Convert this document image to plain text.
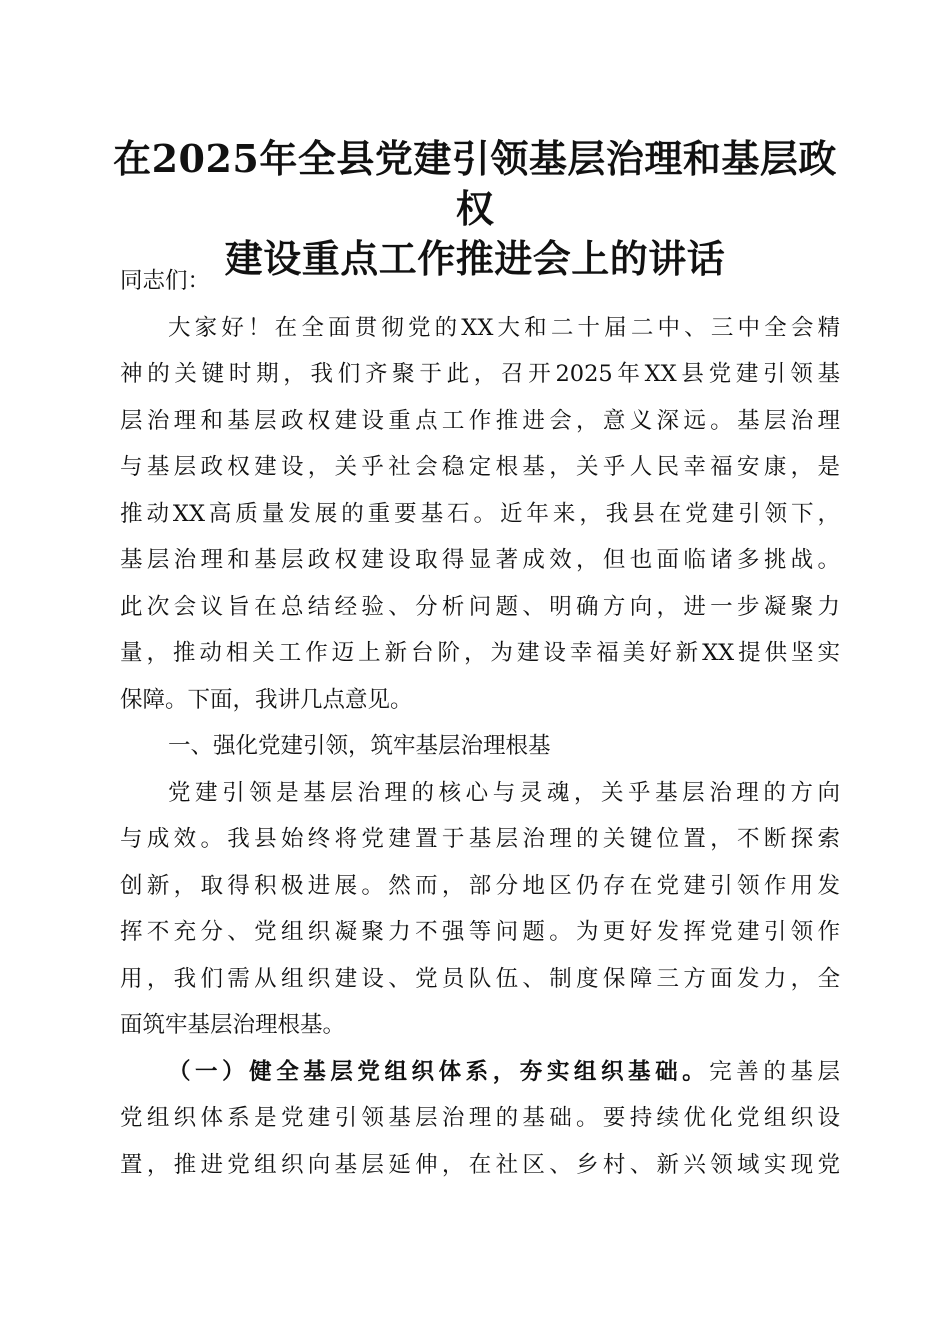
在2025年全县党建引领基层治理和基层政权
建设重点工作推进会上的讲话
同志们：
大家好！在全面贯彻党的XX大和二十届二中、三中全会精
神的关键时期，我们齐聚于此，召开2025年XX县党建引领基
层治理和基层政权建设重点工作推进会，意义深远。基层治理
与基层政权建设，关乎社会稳定根基，关乎人民幸福安康，是
推动XX高质量发展的重要基石。近年来，我县在党建引领下，
基层治理和基层政权建设取得显著成效，但也面临诸多挑战。
此次会议旨在总结经验、分析问题、明确方向，进一步凝聚力
量，推动相关工作迈上新台阶，为建设幸福美好新XX提供坚实
保障。下面，我讲几点意见。
一、强化党建引领，筑牢基层治理根基
党建引领是基层治理的核心与灵魂，关乎基层治理的方向
与成效。我县始终将党建置于基层治理的关键位置，不断探索
创新，取得积极进展。然而，部分地区仍存在党建引领作用发
挥不充分、党组织凝聚力不强等问题。为更好发挥党建引领作
用，我们需从组织建设、党员队伍、制度保障三方面发力，全
面筑牢基层治理根基。
（一）健全基层党组织体系，夯实组织基础。完善的基层
党组织体系是党建引领基层治理的基础。要持续优化党组织设
置，推进党组织向基层延伸，在社区、乡村、新兴领域实现党
